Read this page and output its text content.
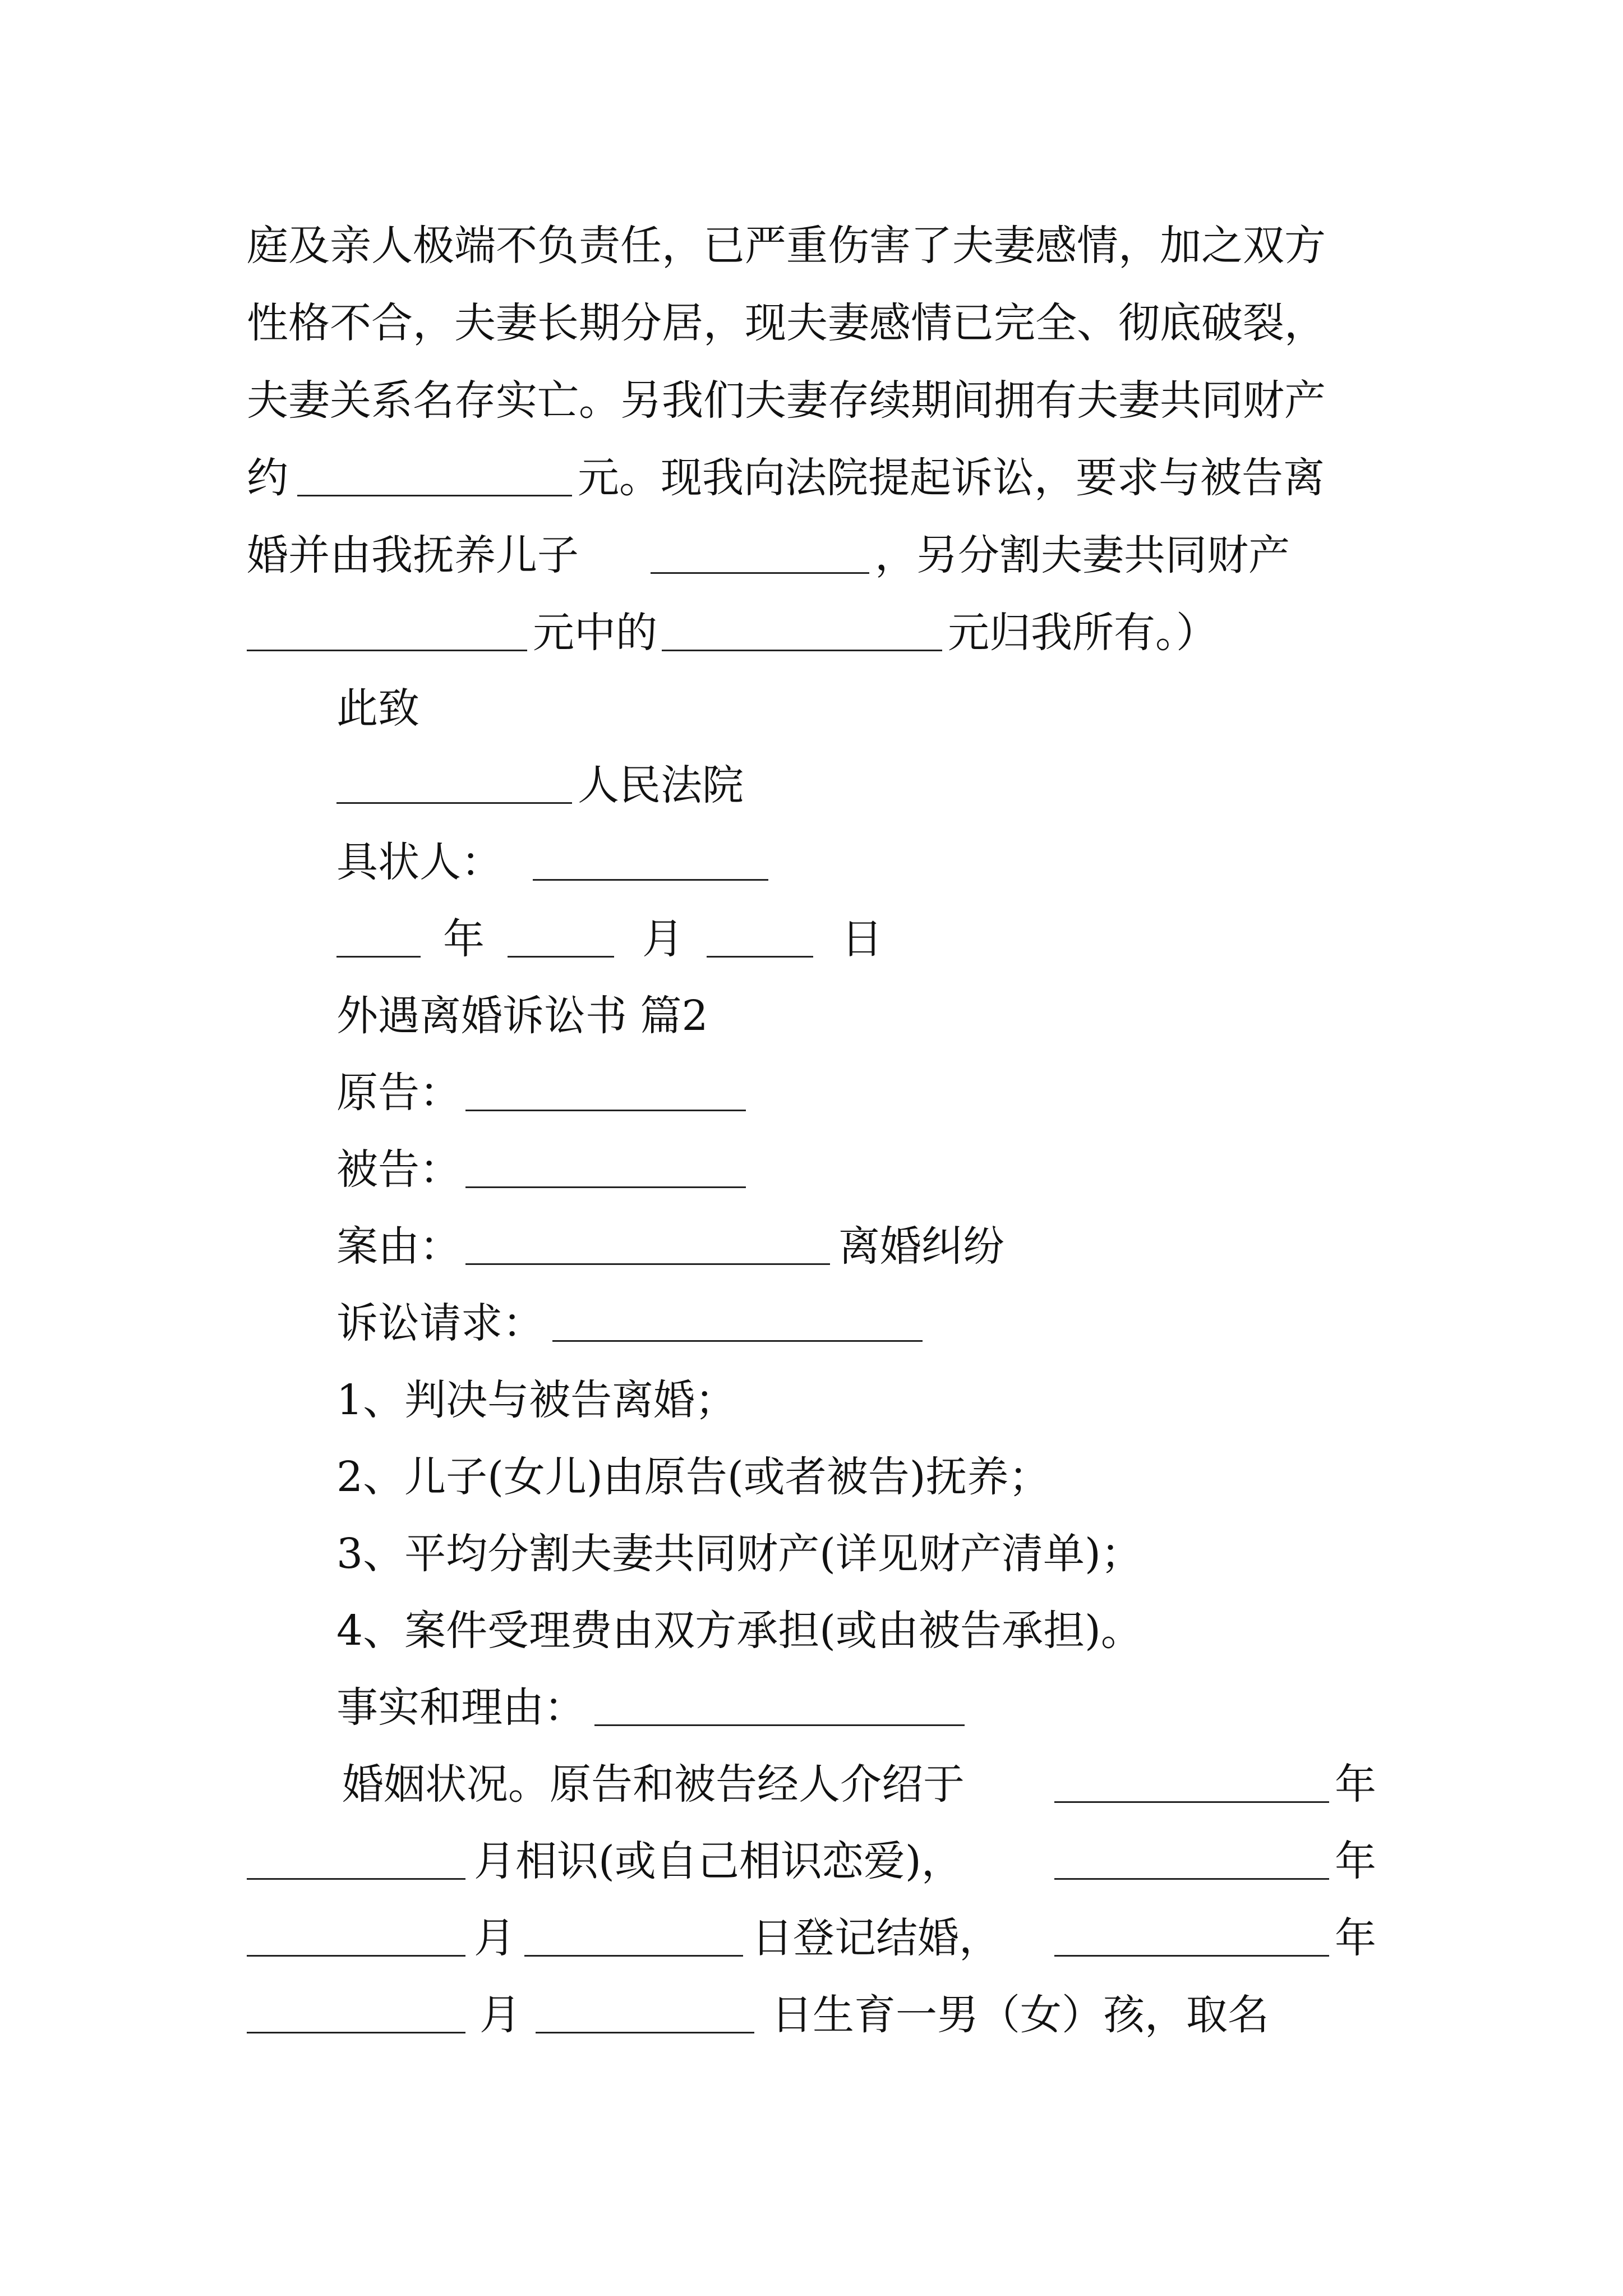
庭及亲人极端不负责任，已严重伤害了夫妻感情，加之双方
性格不合，夫妻长期分居，现夫妻感情已完全、彻底破裂，
夫妻关系名存实亡。另我们夫妻存续期间拥有夫妻共同财产
约	元。现我向法院提起诉讼，要求与被告离
婚并由我抚养儿子	，另分割夫妻共同财产
元中的	元归我所有。）
此致
人民法院
具状人：
年	月	日
外遇离婚诉讼书 篇2
原告：
被告：
案由：	离婚纠纷
诉讼请求：
1、判决与被告离婚；
2、儿子(女儿)由原告(或者被告)抚养；
3、平均分割夫妻共同财产(详见财产清单)；
4、案件受理费由双方承担(或由被告承担)。
事实和理由：
婚姻状况。原告和被告经人介绍于	年
月相识(或自己相识恋爱)，	年
月	日登记结婚，	年
月	日生育一男（女）孩，取名
